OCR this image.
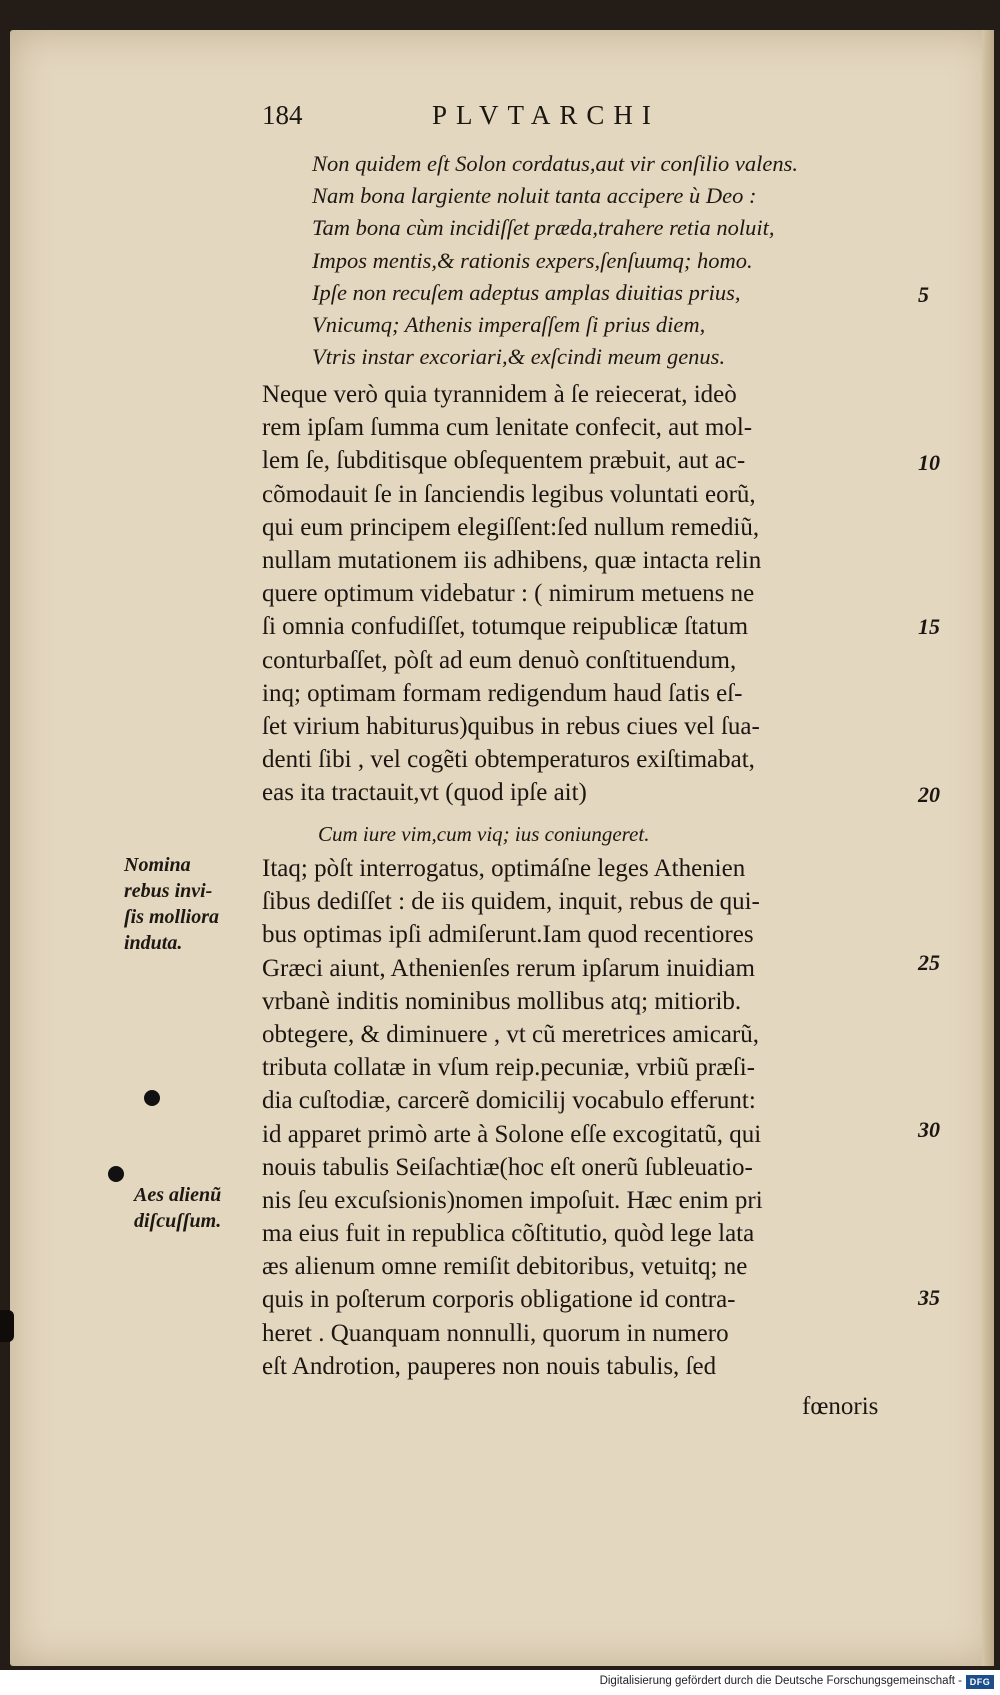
184	PLVTARCHI
Non quidem eſt Solon cordatus,aut vir conſilio valens.
Nam bona largiente noluit tanta accipere ù Deo :
Tam bona cùm incidiſſet præda,trahere retia noluit,
Impos mentis,& rationis expers,ſenſuumq; homo.
Ipſe non recuſem adeptus amplas diuitias prius,
Vnicumq; Athenis imperaſſem ſi prius diem,
Vtris instar excoriari,& exſcindi meum genus.
Neque verò quia tyrannidem à ſe reiecerat, ideò
rem ipſam ſumma cum lenitate confecit, aut mol-
lem ſe, ſubditisque obſequentem præbuit, aut ac-
cõmodauit ſe in ſanciendis legibus voluntati eorũ,
qui eum principem elegiſſent:ſed nullum remediũ,
nullam mutationem iis adhibens, quæ intacta relin
quere optimum videbatur : ( nimirum metuens ne
ſi omnia confudiſſet, totumque reipublicæ ſtatum
conturbaſſet, pòſt ad eum denuò conſtituendum,
inq; optimam formam redigendum haud ſatis eſ-
ſet virium habiturus)quibus in rebus ciues vel ſua-
denti ſibi , vel cogẽti obtemperaturos exiſtimabat,
eas ita tractauit,vt (quod ipſe ait)
Cum iure vim,cum viq; ius coniungeret.
Itaq; pòſt interrogatus, optimáſne leges Athenien
ſibus dediſſet : de iis quidem, inquit, rebus de qui-
bus optimas ipſi admiſerunt.Iam quod recentiores
Græci aiunt, Athenienſes rerum ipſarum inuidiam
vrbanè inditis nominibus mollibus atq; mitiorib.
obtegere, & diminuere , vt cũ meretrices amicarũ,
tributa collatæ in vſum reip.pecuniæ, vrbiũ præſi-
dia cuſtodiæ, carcerẽ domicilij vocabulo efferunt:
id apparet primò arte à Solone eſſe excogitatũ, qui
nouis tabulis Seiſachtiæ(hoc eſt onerũ ſubleuatio-
nis ſeu excuſsionis)nomen impoſuit. Hæc enim pri
ma eius fuit in republica cõſtitutio, quòd lege lata
æs alienum omne remiſit debitoribus, vetuitq; ne
quis in poſterum corporis obligatione id contra-
heret . Quanquam nonnulli, quorum in numero
eſt Androtion, pauperes non nouis tabulis, ſed
fœnoris
5
10
15
20
25
30
35
Nomina
rebus invi-
ſis molliora
induta.
Aes alienũ
diſcuſſum.
Digitalisierung gefördert durch die Deutsche Forschungsgemeinschaft - DFG
